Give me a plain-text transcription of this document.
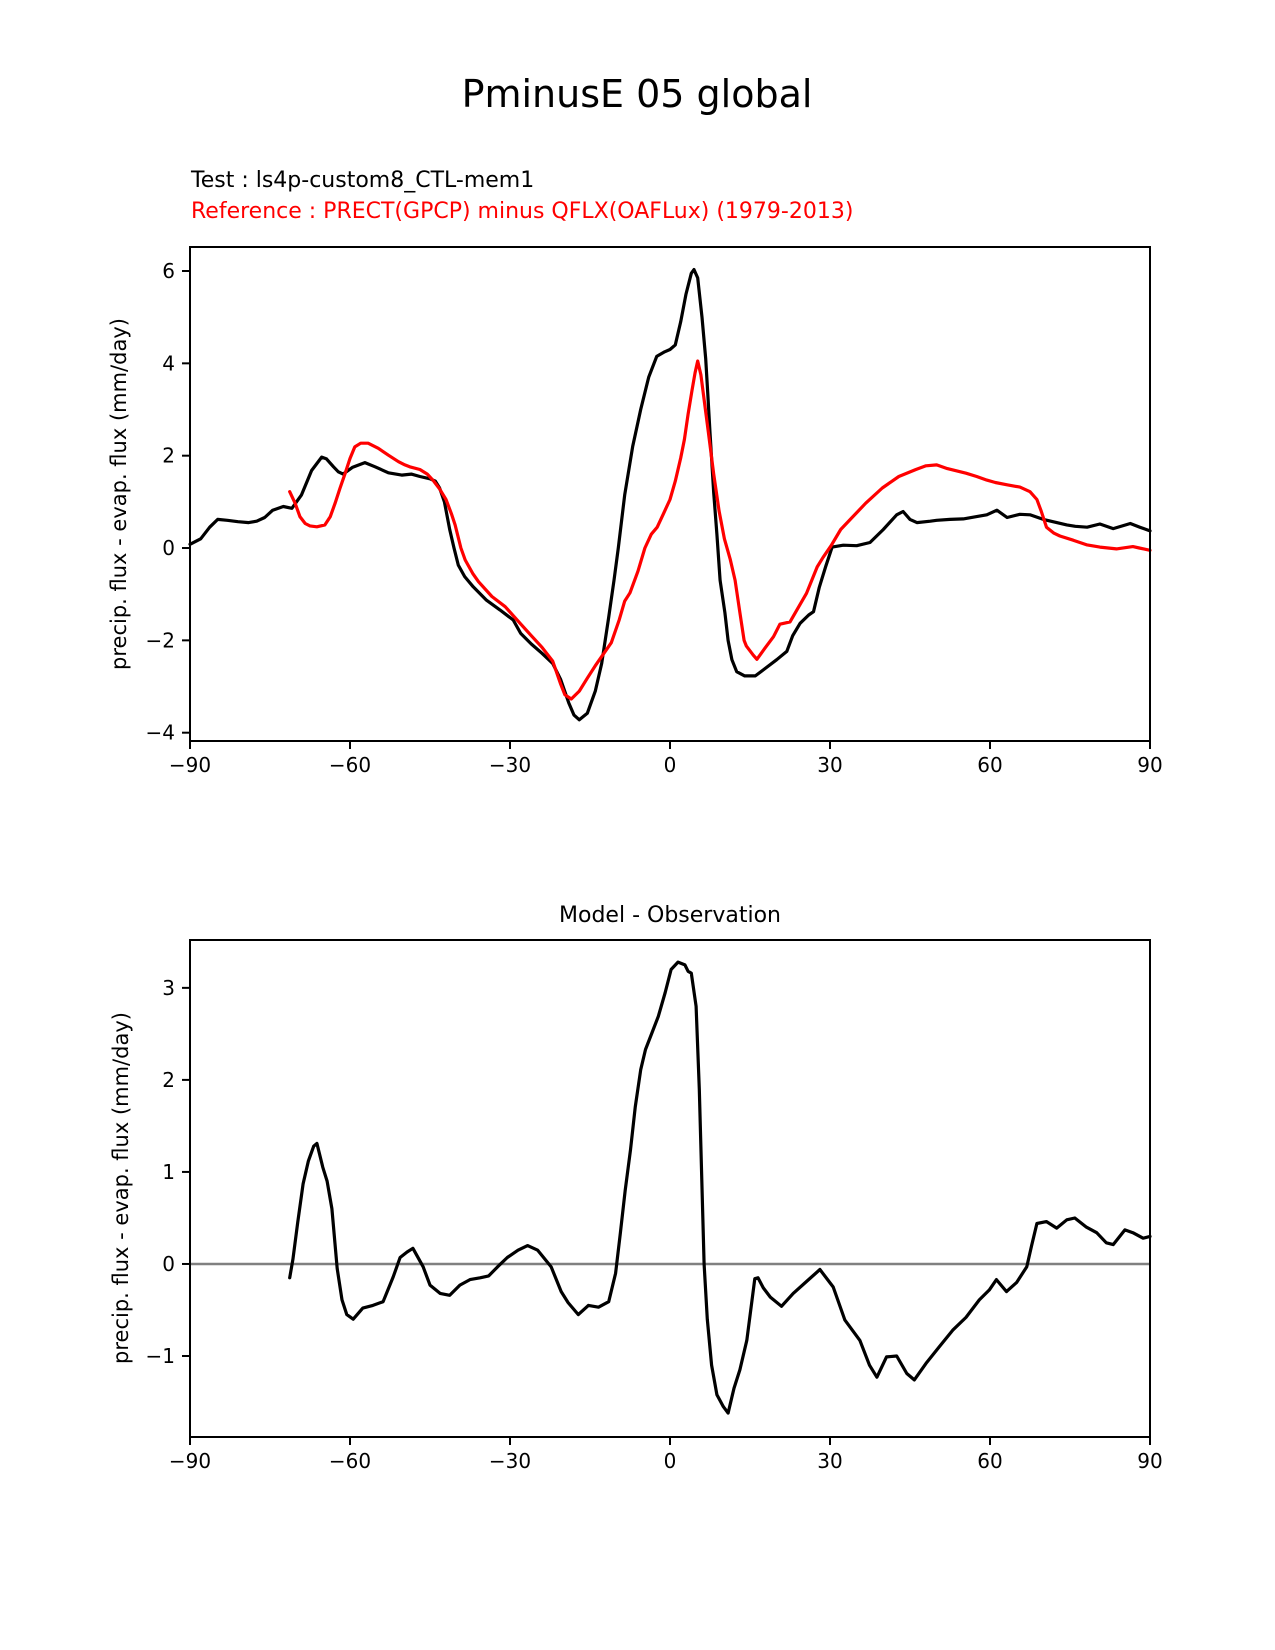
PminusE 05 global
Test : ls4p-custom8_CTL-mem1
Reference : PRECT(GPCP) minus QFLX(OAFLux) (1979-2013)
precip. flux - evap. flux (mm/day)
precip. flux - evap. flux (mm/day)
Model - Observation
−90	−60	−30	0	30	60	90
−4
−2
0
2
4
6
−90	−60	−30	0	30	60	90
−1
0
1
2
3
